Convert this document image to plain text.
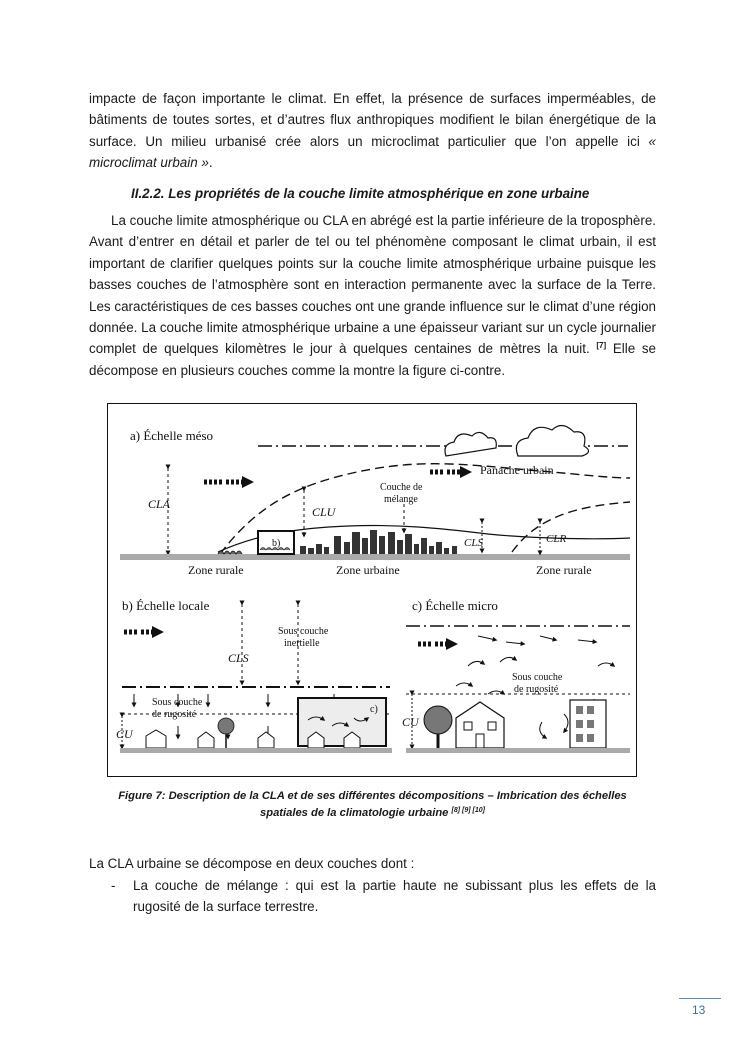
impacte de façon importante le climat. En effet, la présence de surfaces imperméables, de bâtiments de toutes sortes, et d’autres flux anthropiques modifient le bilan énergétique de la surface. Un milieu urbanisé crée alors un microclimat particulier que l’on appelle ici « microclimat urbain ».

II.2.2. Les propriétés de la couche limite atmosphérique en zone urbaine

La couche limite atmosphérique ou CLA en abrégé est la partie inférieure de la troposphère. Avant d’entrer en détail et parler de tel ou tel phénomène composant le climat urbain, il est important de clarifier quelques points sur la couche limite atmosphérique urbaine puisque les basses couches de l’atmosphère sont en interaction permanente avec la surface de la Terre. Les caractéristiques de ces basses couches ont une grande influence sur le climat d’une région donnée. La couche limite atmosphérique urbaine a une épaisseur variant sur un cycle journalier complet de quelques kilomètres le jour à quelques centaines de mètres la nuit. [7] Elle se décompose en plusieurs couches comme la montre la figure ci-contre.

a) Échelle méso
CLA
CLU
Couche de
mélange
Panache urbain
b)	CLS	CLR
Zone rurale	Zone urbaine	Zone rurale
b) Échelle locale
CLS
Sous couche
inertielle
Sous couche
de rugosité	c)
CU
c) Échelle micro
Sous couche
de rugosité
CU

Figure 7: Description de la CLA et de ses différentes décompositions – Imbrication des échelles spatiales de la climatologie urbaine [8] [9] [10]

La CLA urbaine se décompose en deux couches dont :

- La couche de mélange : qui est la partie haute ne subissant plus les effets de la rugosité de la surface terrestre.
13
